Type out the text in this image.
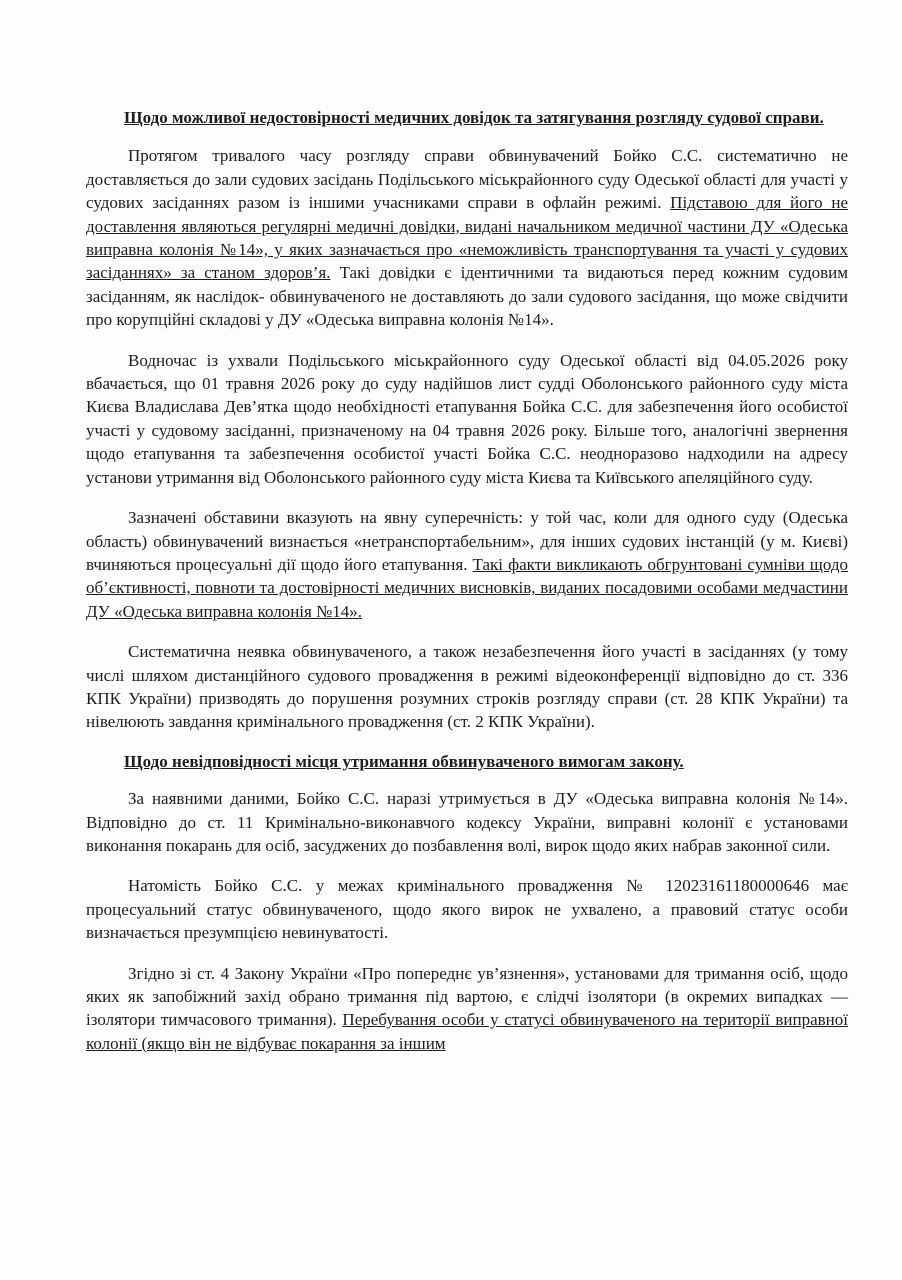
Щодо можливої недостовірності медичних довідок та затягування розгляду судової справи.

Протягом тривалого часу розгляду справи обвинувачений Бойко С.С. систематично не доставляється до зали судових засідань Подільського міськрайонного суду Одеської області для участі у судових засіданнях разом із іншими учасниками справи в офлайн режимі. Підставою для його не доставлення являються регулярні медичні довідки, видані начальником медичної частини ДУ «Одеська виправна колонія №14», у яких зазначається про «неможливість транспортування та участі у судових засіданнях» за станом здоров’я. Такі довідки є ідентичними та видаються перед кожним судовим засіданням, як наслідок- обвинуваченого не доставляють до зали судового засідання, що може свідчити про корупційні складові у ДУ «Одеська виправна колонія №14».

Водночас із ухвали Подільського міськрайонного суду Одеської області від 04.05.2026 року вбачається, що 01 травня 2026 року до суду надійшов лист судді Оболонського районного суду міста Києва Владислава Дев’ятка щодо необхідності етапування Бойка С.С. для забезпечення його особистої участі у судовому засіданні, призначеному на 04 травня 2026 року. Більше того, аналогічні звернення щодо етапування та забезпечення особистої участі Бойка С.С. неодноразово надходили на адресу установи утримання від Оболонського районного суду міста Києва та Київського апеляційного суду.

Зазначені обставини вказують на явну суперечність: у той час, коли для одного суду (Одеська область) обвинувачений визнається «нетранспортабельним», для інших судових інстанцій (у м. Києві) вчиняються процесуальні дії щодо його етапування. Такі факти викликають обгрунтовані сумніви щодо об’єктивності, повноти та достовірності медичних висновків, виданих посадовими особами медчастини ДУ «Одеська виправна колонія №14».

Систематична неявка обвинуваченого, а також незабезпечення його участі в засіданнях (у тому числі шляхом дистанційного судового провадження в режимі відеоконференції відповідно до ст. 336 КПК України) призводять до порушення розумних строків розгляду справи (ст. 28 КПК України) та нівелюють завдання кримінального провадження (ст. 2 КПК України).

Щодо невідповідності місця утримання обвинуваченого вимогам закону.

За наявними даними, Бойко С.С. наразі утримується в ДУ «Одеська виправна колонія №14». Відповідно до ст. 11 Кримінально-виконавчого кодексу України, виправні колонії є установами виконання покарань для осіб, засуджених до позбавлення волі, вирок щодо яких набрав законної сили.

Натомість Бойко С.С. у межах кримінального провадження № 12023161180000646 має процесуальний статус обвинуваченого, щодо якого вирок не ухвалено, а правовий статус особи визначається презумпцією невинуватості.

Згідно зі ст. 4 Закону України «Про попереднє ув’язнення», установами для тримання осіб, щодо яких як запобіжний захід обрано тримання під вартою, є слідчі ізолятори (в окремих випадках — ізолятори тимчасового тримання). Перебування особи у статусі обвинуваченого на території виправної колонії (якщо він не відбуває покарання за іншим
